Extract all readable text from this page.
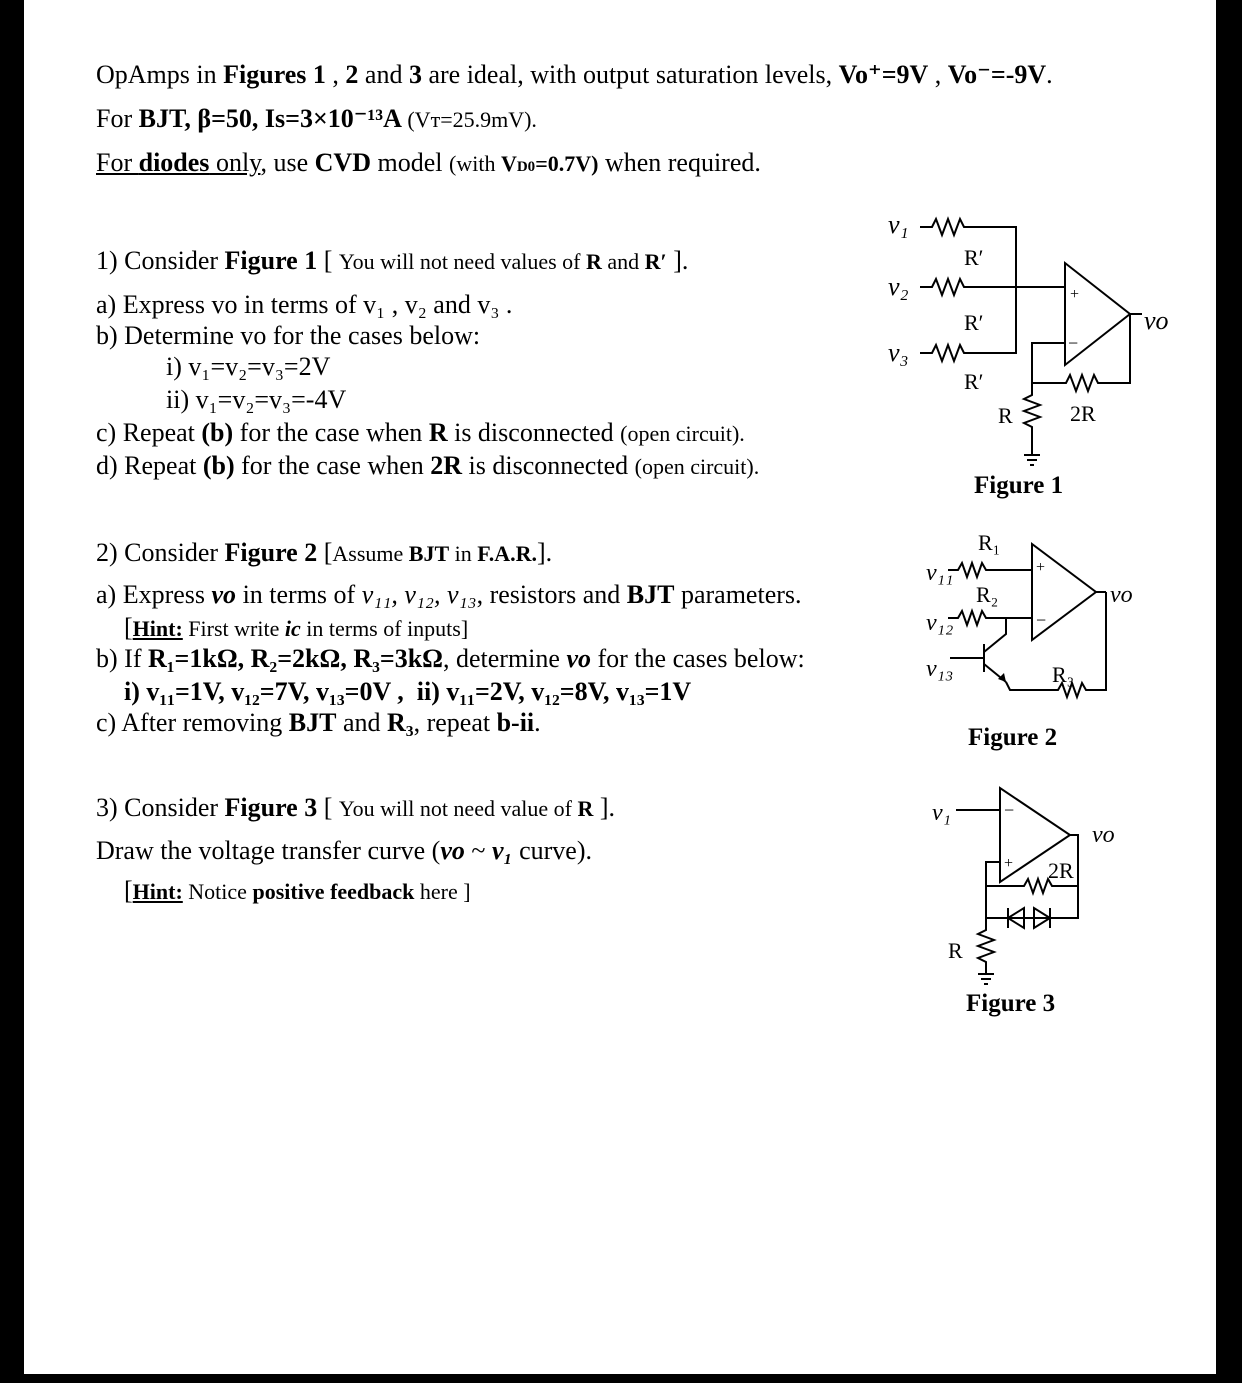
OpAmps in Figures 1 , 2 and 3 are ideal, with output saturation levels, Vo⁺=9V , Vo⁻=-9V.
For BJT, β=50, Is=3×10⁻¹³A (Vᴛ=25.9mV).
For diodes only, use CVD model (with VD0=0.7V) when required.
1) Consider Figure 1 [ You will not need values of R and R′ ].
a) Express vo in terms of v₁ , v₂ and v₃ .
b) Determine vo for the cases below:
i) v₁=v₂=v₃=2V
ii) v₁=v₂=v₃=-4V
c) Repeat (b) for the case when R is disconnected (open circuit).
d) Repeat (b) for the case when 2R is disconnected (open circuit).
2) Consider Figure 2 [Assume BJT in F.A.R.].
a) Express vo in terms of v₁₁, v₁₂, v₁₃, resistors and BJT parameters.
[Hint: First write ic in terms of inputs]
b) If R₁=1kΩ, R₂=2kΩ, R₃=3kΩ, determine vo for the cases below:
i) v₁₁=1V, v₁₂=7V, v₁₃=0V , ii) v₁₁=2V, v₁₂=8V, v₁₃=1V
c) After removing BJT and R₃, repeat b-ii.
3) Consider Figure 3 [ You will not need value of R ].
Draw the voltage transfer curve (vo ~ v₁ curve).
[Hint: Notice positive feedback here ]
v₁
v₂
v₃
R′
R′
R′
+
−
vo
2R
R
Figure 1
v₁₁
v₁₂
v₁₃
R₁
R₂
R₃
+
−
vo
Figure 2
v₁	−
+ 2R
R
vo
Figure 3
